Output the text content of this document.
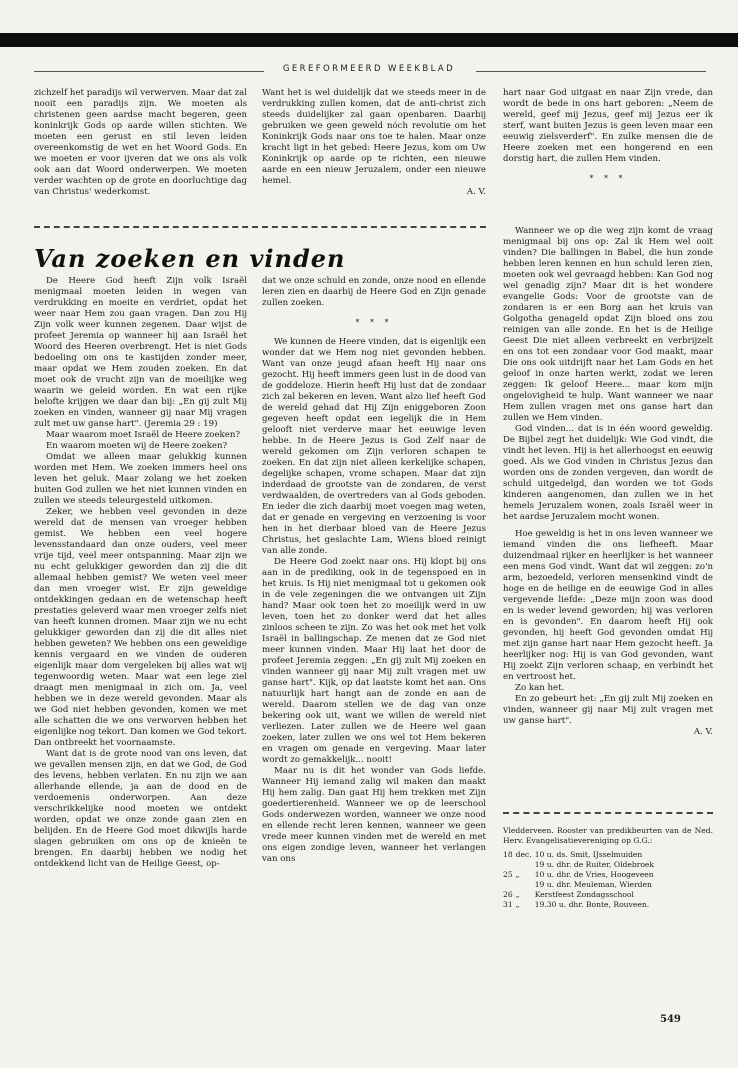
GEREFORMEERD WEEKBLAD

zichzelf het paradijs wil verwerven. Maar dat zal nooit een paradijs zijn. We moeten als christenen geen aardse macht begeren, geen koninkrijk Gods op aarde willen stichten. We moeten een gerust en stil leven leiden overeenkomstig de wet en het Woord Gods. En we moeten er voor ijveren dat we ons als volk ook aan dat Woord onderwerpen. We moeten verder wachten op de grote en doorluchtige dag van Christus' wederkomst.

Want het is wel duidelijk dat we steeds meer in de verdrukking zullen komen, dat de anti-christ zich steeds duidelijker zal gaan openbaren. Daarbij gebruiken we geen geweld nóch revolutie om het Koninkrijk Gods naar ons toe te halen. Maar onze kracht ligt in het gebed: Heere Jezus, kom om Uw Koninkrijk op aarde op te richten, een nieuwe aarde en een nieuw Jeruzalem, onder een nieuwe hemel.

A. V.

hart naar God uitgaat en naar Zijn vrede, dan wordt de bede in ons hart geboren: „Neem de wereld, geef mij Jezus, geef mij Jezus eer ik sterf, want buiten Jezus is geen leven maar een eeuwig zielsverderf". En zulke mensen die de Heere zoeken met een hongerend en een dorstig hart, die zullen Hem vinden.

* * *
Van zoeken en vinden

De Heere God heeft Zijn volk Israël menigmaal moeten leiden in wegen van verdrukking en moeite en verdriet, opdat het weer naar Hem zou gaan vragen. Dan zou Hij Zijn volk weer kunnen zegenen. Daar wijst de profeet Jeremia op wanneer hij aan Israël het Woord des Heeren overbrengt. Het is niet Gods bedoeling om ons te kastijden zonder meer, maar opdat we Hem zouden zoeken. En dat moet ook de vrucht zijn van de moeilijke weg waarin we geleid worden. En wat een rijke belofte krijgen we daar dan bij: „En gij zult Mij zoeken en vinden, wanneer gij naar Mij vragen zult met uw ganse hart". (Jeremia 29 : 19)

Maar waarom moet Israël de Heere zoeken?

En waarom moeten wij de Heere zoeken?

Omdat we alleen maar gelukkig kunnen worden met Hem. We zoeken immers heel ons leven het geluk. Maar zolang we het zoeken buiten God zullen we het niet kunnen vinden en zullen we steeds teleurgesteld uitkomen.

Zeker, we hebben veel gevonden in deze wereld dat de mensen van vroeger hebben gemist. We hebben een veel hogere levensstandaard dan onze ouders, veel meer vrije tijd, veel meer ontspanning. Maar zijn we nu echt gelukkiger geworden dan zij die dit allemaal hebben gemist? We weten veel meer dan men vroeger wist. Er zijn geweldige ontdekkingen gedaan en de wetenschap heeft prestaties geleverd waar men vroeger zelfs niet van heeft kunnen dromen. Maar zijn we nu echt gelukkiger geworden dan zij die dit alles niet hebben geweten? We hebben ons een geweldige kennis vergaard en we vinden de ouderen eigenlijk maar dom vergeleken bij alles wat wij tegenwoordig weten. Maar wat een lege ziel draagt men menigmaal in zich om. Ja, veel hebben we in deze wereld gevonden. Maar als we God niet hebben gevonden, komen we met alle schatten die we ons verworven hebben het eigenlijke nog tekort. Dan komen we God tekort. Dan ontbreekt het voornaamste.

Want dat is de grote nood van ons leven, dat we gevallen mensen zijn, en dat we God, de God des levens, hebben verlaten. En nu zijn we aan allerhande ellende, ja aan de dood en de verdoemenis onderworpen. Aan deze verschrikkelijke nood moeten we ontdekt worden, opdat we onze zonde gaan zien en belijden. En de Heere God moet dikwijls harde slagen gebruiken om ons op de knieën te brengen. En daarbij hebben we nodig het ontdekkend licht van de Heilige Geest, op-

dat we onze schuld en zonde, onze nood en ellende leren zien en daarbij de Heere God en Zijn genade zullen zoeken.

* * *

We kunnen de Heere vinden, dat is eigenlijk een wonder dat we Hem nog niet gevonden hebben. Want van onze jeugd afaan heeft Hij naar ons gezocht. Hij heeft immers geen lust in de dood van de goddeloze. Hierin heeft Hij lust dat de zondaar zich zal bekeren en leven. Want alzo lief heeft God de wereld gehad dat Hij Zijn eniggeboren Zoon gegeven heeft opdat een iegelijk die in Hem gelooft niet verderve maar het eeuwige leven hebbe. In de Heere Jezus is God Zelf naar de wereld gekomen om Zijn verloren schapen te zoeken. En dat zijn niet alleen kerkelijke schapen, degelijke schapen, vrome schapen. Maar dat zijn inderdaad de grootste van de zondaren, de verst verdwaalden, de overtreders van al Gods geboden. En ieder die zich daarbij moet voegen mag weten, dat er genade en vergeving en verzoening is voor hen in het dierbaar bloed van de Heere Jezus Christus, het geslachte Lam, Wiens bloed reinigt van alle zonde.

De Heere God zoekt naar ons. Hij klopt bij ons aan in de prediking, ook in de tegenspoed en in het kruis. Is Hij niet menigmaal tot u gekomen ook in de vele zegeningen die we ontvangen uit Zijn hand? Maar ook toen het zo moeilijk werd in uw leven, toen het zo donker werd dat het alles zinloos scheen te zijn. Zo was het ook met het volk Israël in ballingschap. Ze menen dat ze God niet meer kunnen vinden. Maar Hij laat het door de profeet Jeremia zeggen: „En gij zult Mij zoeken en vinden wanneer gij naar Mij zult vragen met uw ganse hart". Kijk, op dat laatste komt het aan. Ons natuurlijk hart hangt aan de zonde en aan de wereld. Daarom stellen we de dag van onze bekering ook uit, want we willen de wereld niet verliezen. Later zullen we de Heere wel gaan zoeken, later zullen we ons wel tot Hem bekeren en vragen om genade en vergeving. Maar later wordt zo gemakkelijk... nooit!

Maar nu is dit het wonder van Gods liefde. Wanneer Hij iemand zalig wil maken dan maakt Hij hem zalig. Dan gaat Hij hem trekken met Zijn goedertierenheid. Wanneer we op de leerschool Gods onderwezen worden, wanneer we onze nood en ellende recht leren kennen, wanneer we geen vrede meer kunnen vinden met de wereld en met ons eigen zondige leven, wanneer het verlangen van ons

Wanneer we op die weg zijn komt de vraag menigmaal bij ons op: Zal ik Hem wel ooit vinden? Die ballingen in Babel, die hun zonde hebben leren kennen en hun schuld leren zien, moeten ook wel gevraagd hebben: Kan God nog wel genadig zijn? Maar dit is het wondere evangelie Gods: Voor de grootste van de zondaren is er een Borg aan het kruis van Golgotha genageld opdat Zijn bloed ons zou reinigen van alle zonde. En het is de Heilige Geest Die niet alleen verbreekt en verbrijzelt en ons tot een zondaar voor God maakt, maar Die ons ook uitdrijft naar het Lam Gods en het geloof in onze harten werkt, zodat we leren zeggen: Ik geloof Heere... maar kom mijn ongelovigheid te hulp. Want wanneer we naar Hem zullen vragen met ons ganse hart dan zullen we Hem vinden.

God vinden... dat is in één woord geweldig. De Bijbel zegt het duidelijk: Wie God vindt, die vindt het leven. Hij is het allerhoogst en eeuwig goed. Als we God vinden in Christus Jezus dan worden ons de zonden vergeven, dan wordt de schuld uitgedelgd, dan worden we tot Gods kinderen aangenomen, dan zullen we in het hemels Jeruzalem wonen, zoals Israël weer in het aardse Jeruzalem mocht wonen.

Hoe geweldig is het in ons leven wanneer we iemand vinden die ons liefheeft. Maar duizendmaal rijker en heerlijker is het wanneer een mens God vindt. Want dat wil zeggen: zo'n arm, bezoedeld, verloren mensenkind vindt de hoge en de heilige en de eeuwige God in alles vergevende liefde: „Deze mijn zoon was dood en is weder levend geworden; hij was verloren en is gevonden". En daarom heeft Hij ook gevonden, hij heeft God gevonden omdat Hij met zijn ganse hart naar Hem gezocht heeft. Ja heerlijker nog: Hij is van God gevonden, want Hij zoekt Zijn verloren schaap, en verbindt het en vertroost het.

Zo kan het.

En zo gebeurt het: „En gij zult Mij zoeken en vinden, wanneer gij naar Mij zult vragen met uw ganse hart".

A. V.
Vledderveen. Rooster van predikbeurten van de Ned. Herv. Evangelisatievereniging op G.G.:
18	dec.	10 u. ds. Smit, IJsselmuiden
		19 u. dhr. de Ruiter, Oldebroek
25	„	10 u. dhr. de Vries, Hoogeveen
		19 u. dhr. Meuleman, Wierden
26	„	Kerstfeest Zondagsschool
31	„	19.30 u. dhr. Bonte, Rouveen.
549
